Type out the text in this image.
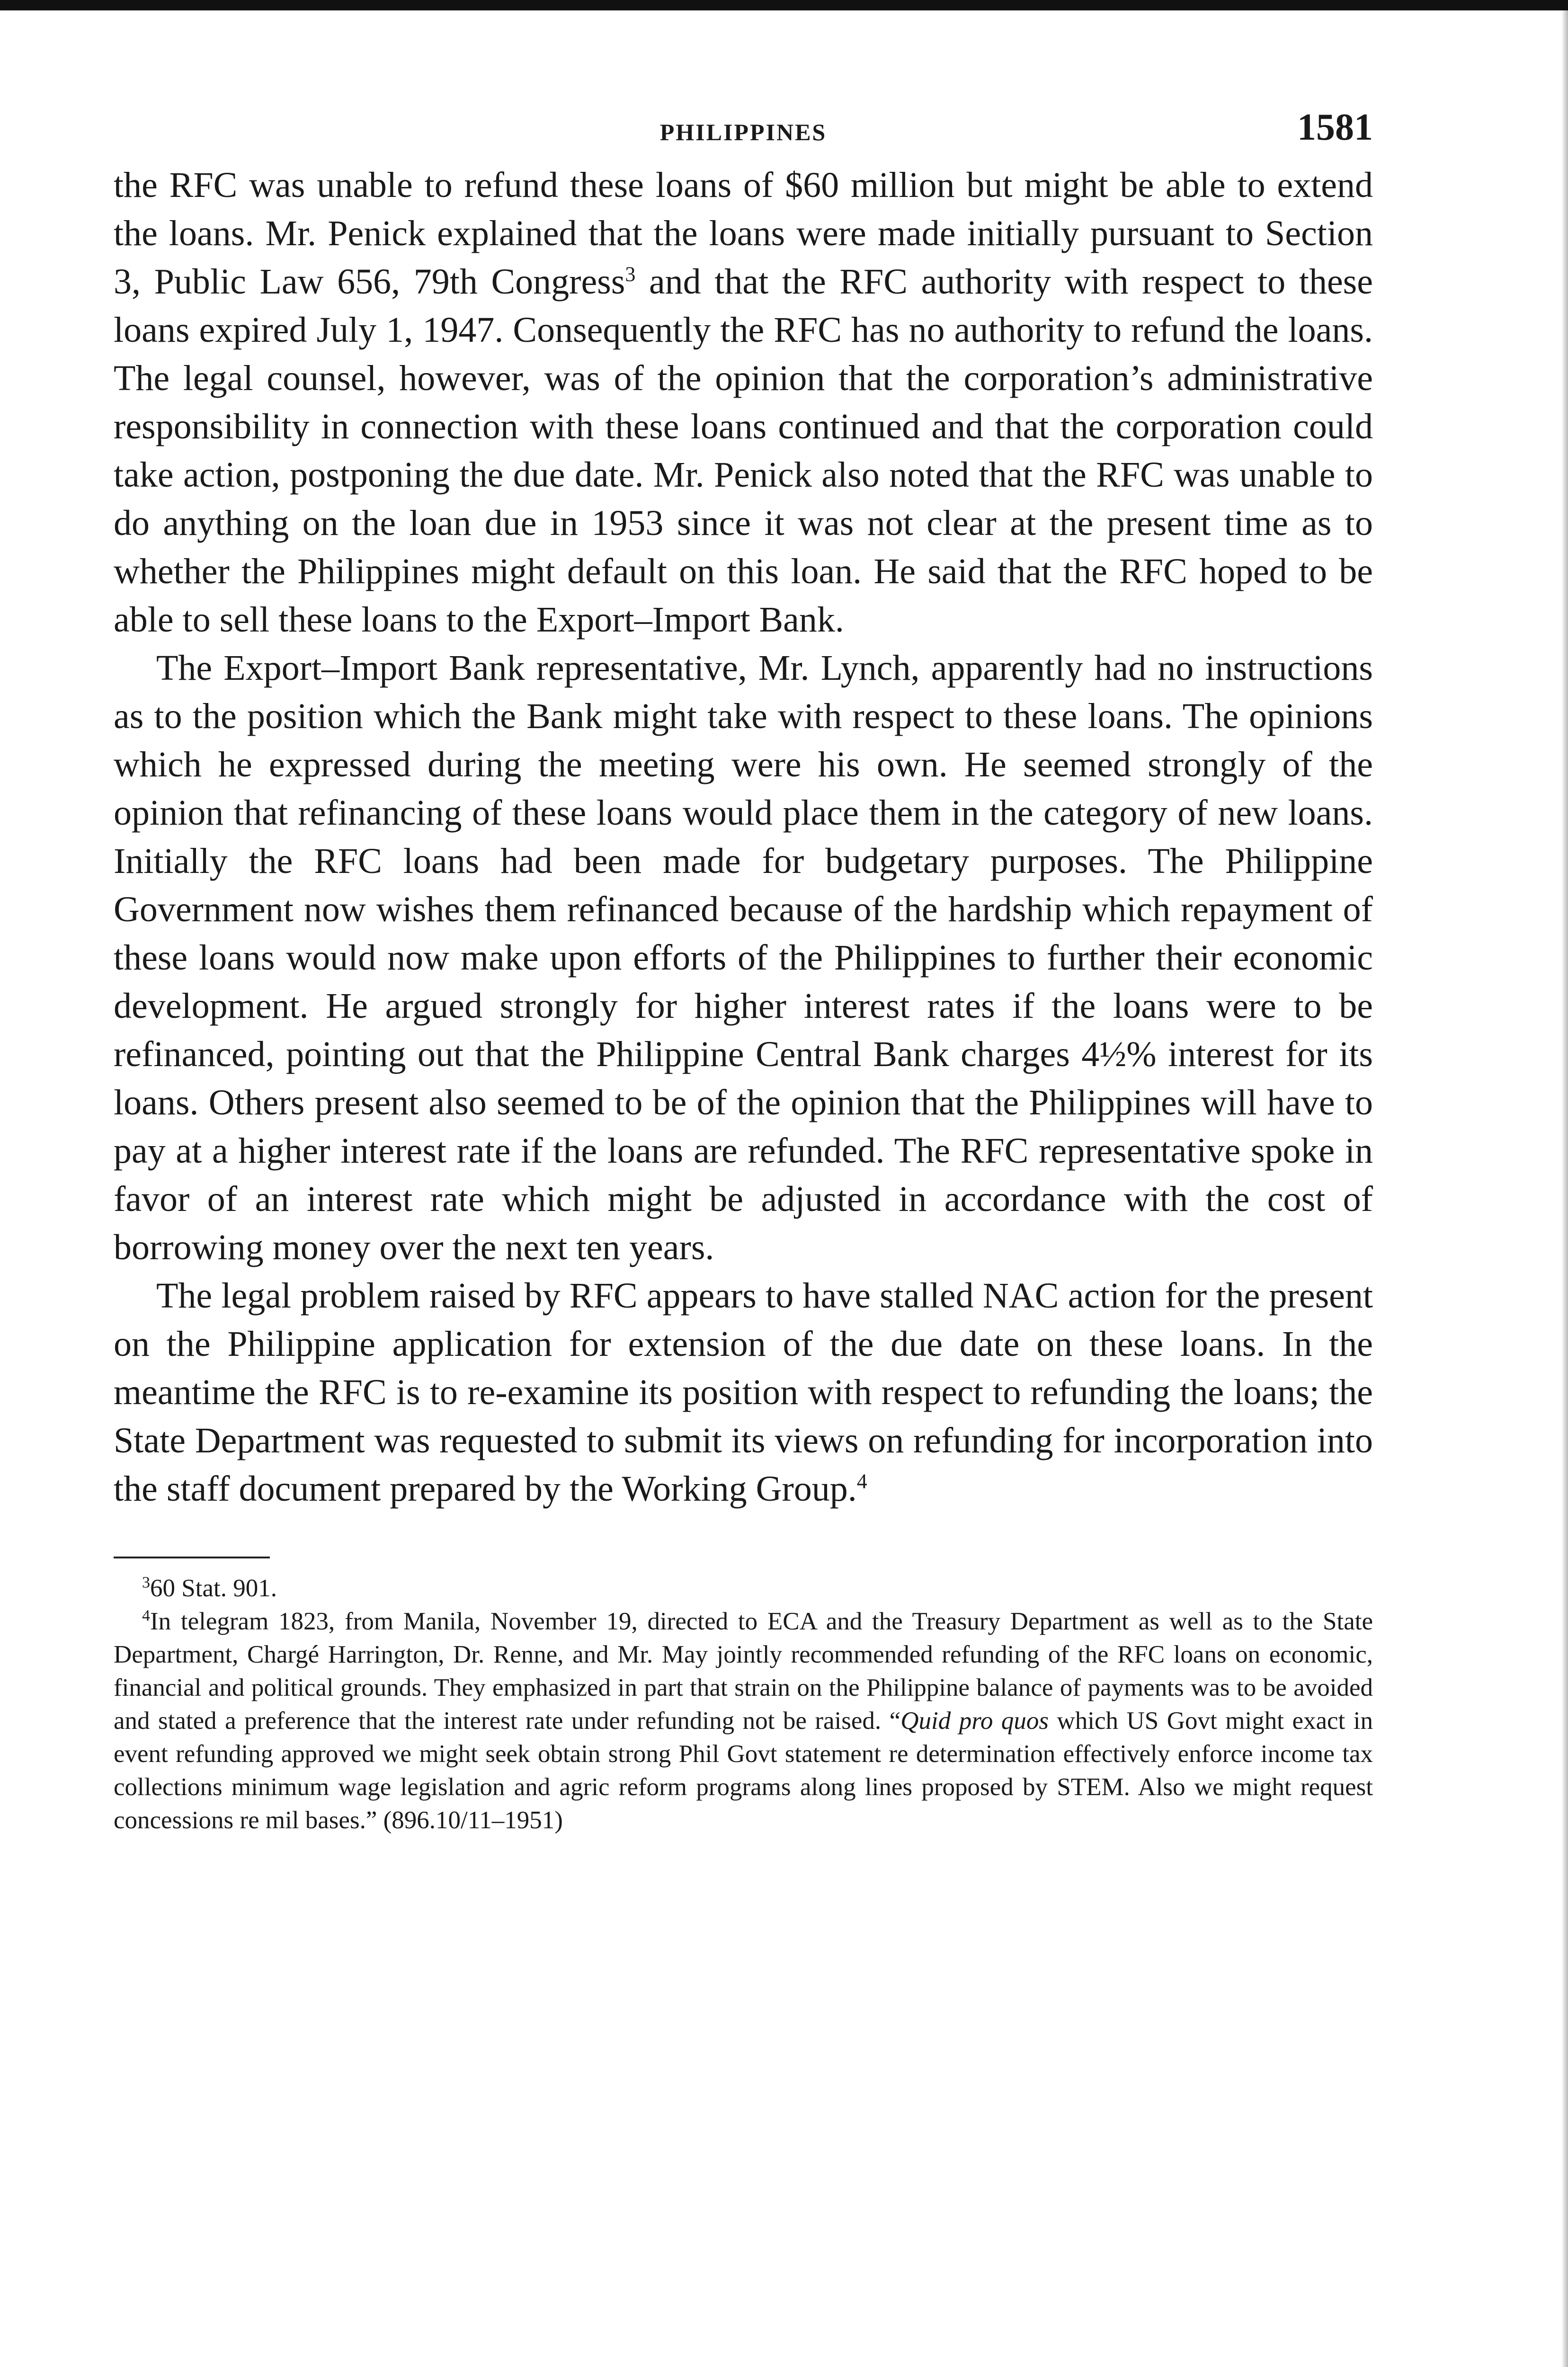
PHILIPPINES	1581

the RFC was unable to refund these loans of $60 million but might be able to extend the loans. Mr. Penick explained that the loans were made initially pursuant to Section 3, Public Law 656, 79th Congress$^3$ and that the RFC authority with respect to these loans expired July 1, 1947. Consequently the RFC has no authority to refund the loans. The legal counsel, however, was of the opinion that the corporation’s administrative responsibility in connection with these loans continued and that the corporation could take action, postponing the due date. Mr. Penick also noted that the RFC was unable to do anything on the loan due in 1953 since it was not clear at the present time as to whether the Philippines might default on this loan. He said that the RFC hoped to be able to sell these loans to the Export–Import Bank.

The Export–Import Bank representative, Mr. Lynch, apparently had no instructions as to the position which the Bank might take with respect to these loans. The opinions which he expressed during the meeting were his own. He seemed strongly of the opinion that refinancing of these loans would place them in the category of new loans. Initially the RFC loans had been made for budgetary purposes. The Philippine Government now wishes them refinanced because of the hardship which repayment of these loans would now make upon efforts of the Philippines to further their economic development. He argued strongly for higher interest rates if the loans were to be refinanced, pointing out that the Philippine Central Bank charges 4½% interest for its loans. Others present also seemed to be of the opinion that the Philippines will have to pay at a higher interest rate if the loans are refunded. The RFC representative spoke in favor of an interest rate which might be adjusted in accordance with the cost of borrowing money over the next ten years.

The legal problem raised by RFC appears to have stalled NAC action for the present on the Philippine application for extension of the due date on these loans. In the meantime the RFC is to re-examine its position with respect to refunding the loans; the State Department was requested to submit its views on refunding for incorporation into the staff document prepared by the Working Group.$^4$

$^3$60 Stat. 901.

$^4$In telegram 1823, from Manila, November 19, directed to ECA and the Treasury Department as well as to the State Department, Chargé Harrington, Dr. Renne, and Mr. May jointly recommended refunding of the RFC loans on economic, financial and political grounds. They emphasized in part that strain on the Philippine balance of payments was to be avoided and stated a preference that the interest rate under refunding not be raised. “Quid pro quos which US Govt might exact in event refunding approved we might seek obtain strong Phil Govt statement re determination effectively enforce income tax collections minimum wage legislation and agric reform programs along lines proposed by STEM. Also we might request concessions re mil bases.” (896.10/11–1951)
